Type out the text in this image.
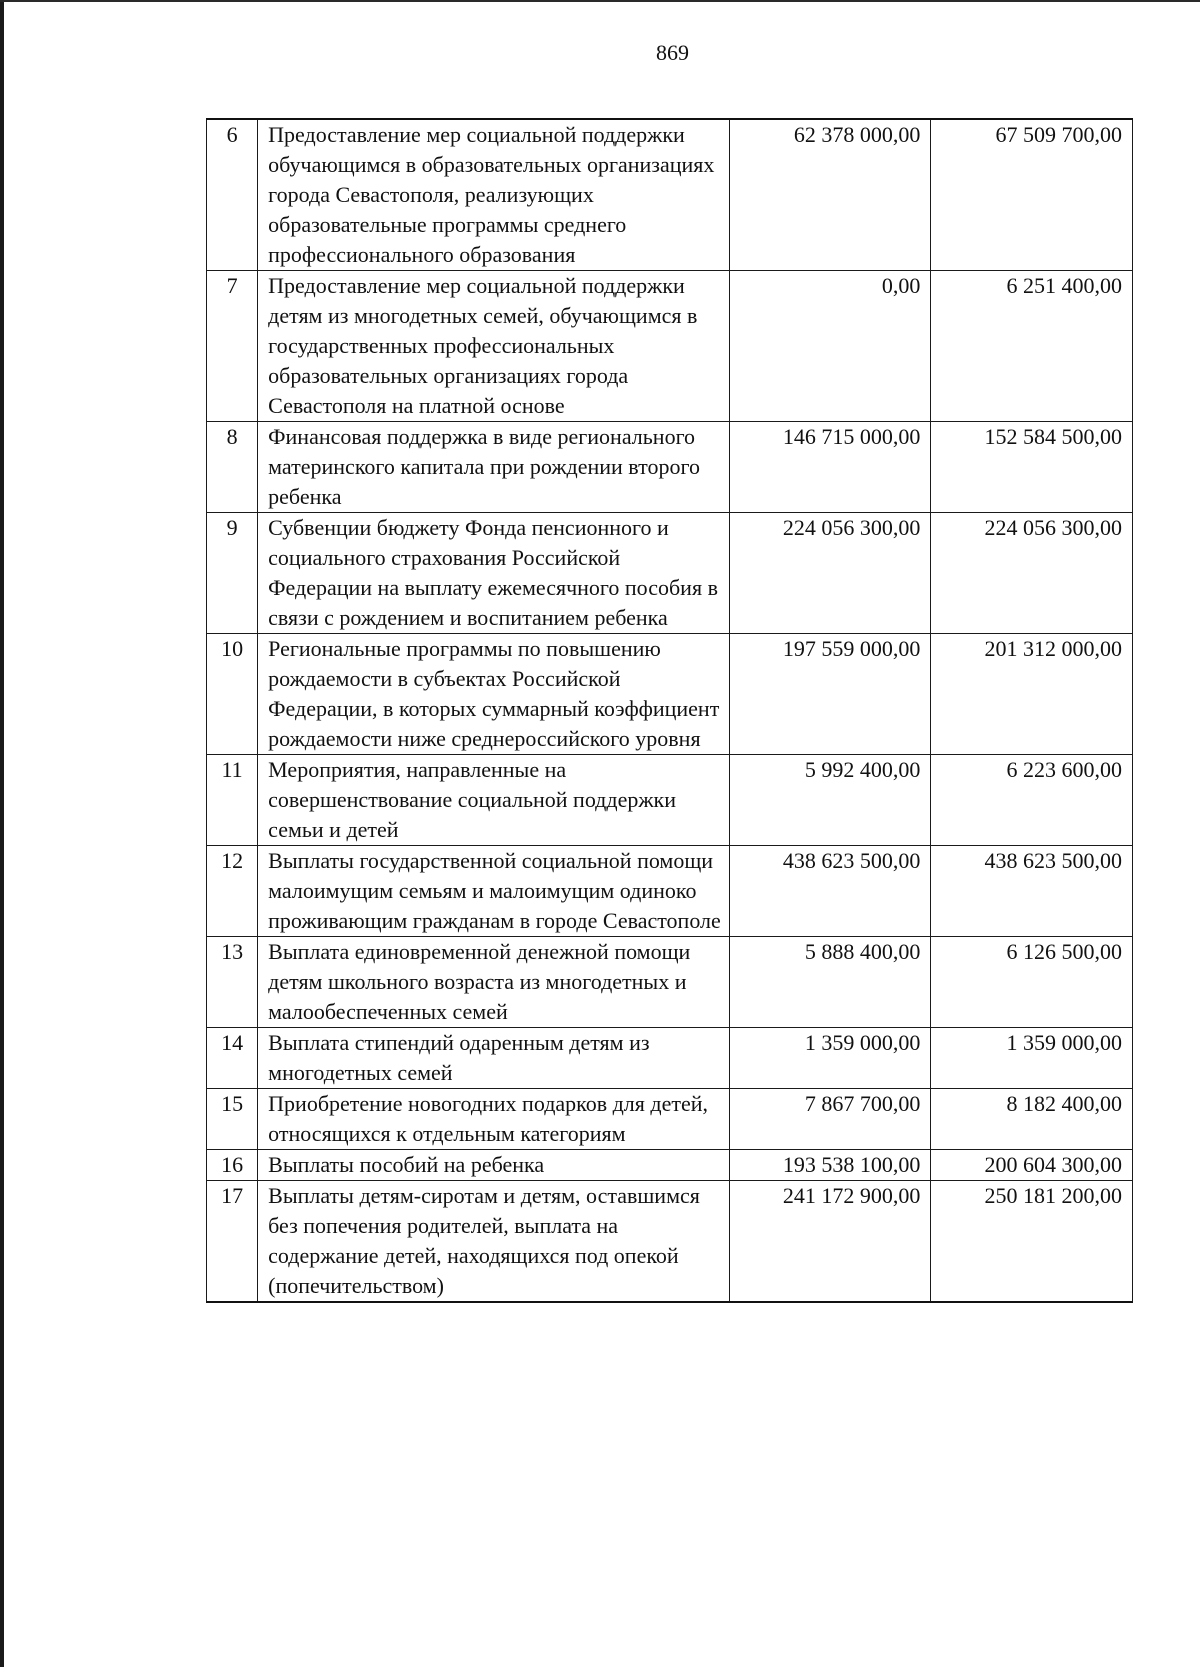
869
6	Предоставление мер социальной поддержки обучающимся в образовательных организациях города Севастополя, реализующих образовательные программы среднего профессионального образования	62 378 000,00	67 509 700,00
7	Предоставление мер социальной поддержки детям из многодетных семей, обучающимся в государственных профессиональных образовательных организациях города Севастополя на платной основе	0,00	6 251 400,00
8	Финансовая поддержка в виде регионального материнского капитала при рождении второго ребенка	146 715 000,00	152 584 500,00
9	Субвенции бюджету Фонда пенсионного и социального страхования Российской Федерации на выплату ежемесячного пособия в связи с рождением и воспитанием ребенка	224 056 300,00	224 056 300,00
10	Региональные программы по повышению рождаемости в субъектах Российской Федерации, в которых суммарный коэффициент рождаемости ниже среднероссийского уровня	197 559 000,00	201 312 000,00
11	Мероприятия, направленные на совершенствование социальной поддержки семьи и детей	5 992 400,00	6 223 600,00
12	Выплаты государственной социальной помощи малоимущим семьям и малоимущим одиноко проживающим гражданам в городе Севастополе	438 623 500,00	438 623 500,00
13	Выплата единовременной денежной помощи детям школьного возраста из многодетных и малообеспеченных семей	5 888 400,00	6 126 500,00
14	Выплата стипендий одаренным детям из многодетных семей	1 359 000,00	1 359 000,00
15	Приобретение новогодних подарков для детей, относящихся к отдельным категориям	7 867 700,00	8 182 400,00
16	Выплаты пособий на ребенка	193 538 100,00	200 604 300,00
17	Выплаты детям-сиротам и детям, оставшимся без попечения родителей, выплата на содержание детей, находящихся под опекой (попечительством)	241 172 900,00	250 181 200,00
